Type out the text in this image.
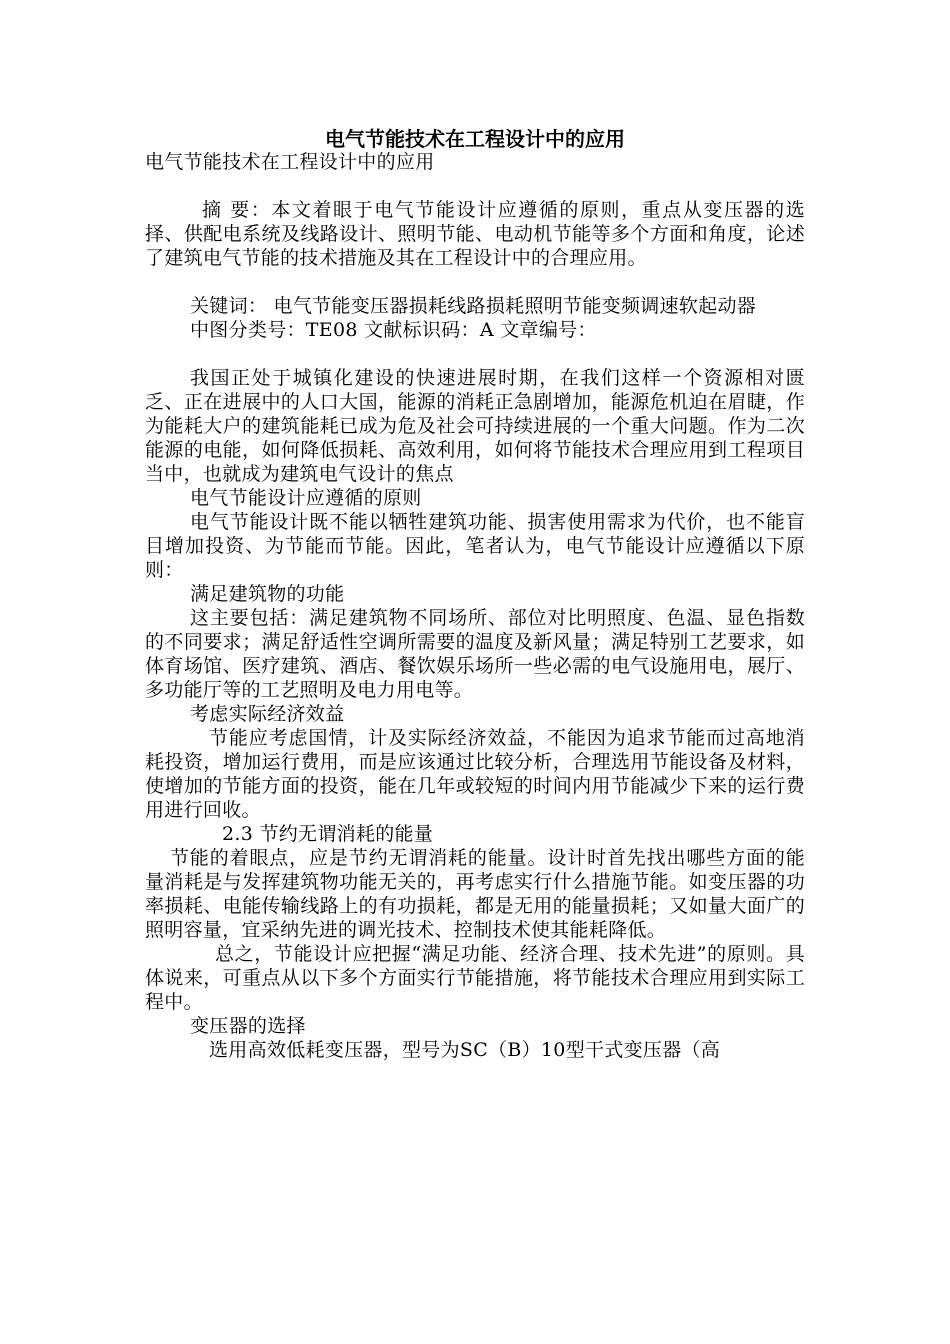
电气节能技术在工程设计中的应用

电气节能技术在工程设计中的应用

摘 要：本文着眼于电气节能设计应遵循的原则，重点从变压器的选择、供配电系统及线路设计、照明节能、电动机节能等多个方面和角度，论述了建筑电气节能的技术措施及其在工程设计中的合理应用。

关键词： 电气节能变压器损耗线路损耗照明节能变频调速软起动器

中图分类号：TE08 文献标识码：A 文章编号：

我国正处于城镇化建设的快速进展时期，在我们这样一个资源相对匮乏、正在进展中的人口大国，能源的消耗正急剧增加，能源危机迫在眉睫，作为能耗大户的建筑能耗已成为危及社会可持续进展的一个重大问题。作为二次能源的电能，如何降低损耗、高效利用，如何将节能技术合理应用到工程项目当中，也就成为建筑电气设计的焦点

电气节能设计应遵循的原则

电气节能设计既不能以牺牲建筑功能、损害使用需求为代价，也不能盲目增加投资、为节能而节能。因此，笔者认为，电气节能设计应遵循以下原则：

满足建筑物的功能

这主要包括：满足建筑物不同场所、部位对比明照度、色温、显色指数的不同要求；满足舒适性空调所需要的温度及新风量；满足特别工艺要求，如体育场馆、医疗建筑、酒店、餐饮娱乐场所一些必需的电气设施用电，展厅、多功能厅等的工艺照明及电力用电等。

考虑实际经济效益

节能应考虑国情，计及实际经济效益，不能因为追求节能而过高地消耗投资，增加运行费用，而是应该通过比较分析，合理选用节能设备及材料，使增加的节能方面的投资，能在几年或较短的时间内用节能减少下来的运行费用进行回收。

2.3 节约无谓消耗的能量

节能的着眼点，应是节约无谓消耗的能量。设计时首先找出哪些方面的能量消耗是与发挥建筑物功能无关的，再考虑实行什么措施节能。如变压器的功率损耗、电能传输线路上的有功损耗，都是无用的能量损耗；又如量大面广的照明容量，宜采纳先进的调光技术、控制技术使其能耗降低。

总之，节能设计应把握“满足功能、经济合理、技术先进”的原则。具体说来，可重点从以下多个方面实行节能措施，将节能技术合理应用到实际工程中。

变压器的选择

选用高效低耗变压器，型号为SC（B）10型干式变压器（高
